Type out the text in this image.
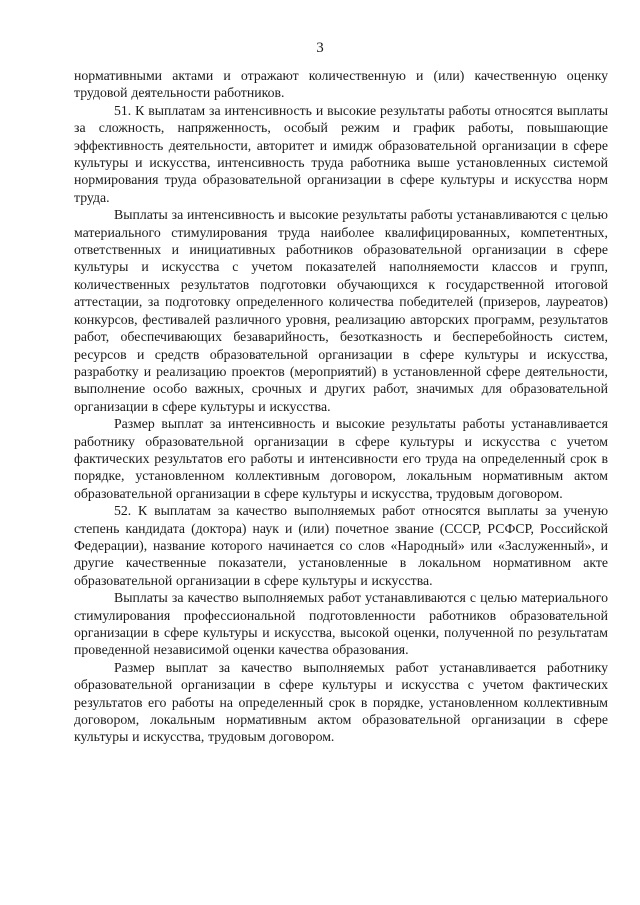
3

нормативными актами и отражают количественную и (или) качественную оценку трудовой деятельности работников.

51. К выплатам за интенсивность и высокие результаты работы относятся выплаты за сложность, напряженность, особый режим и график работы, повышающие эффективность деятельности, авторитет и имидж образовательной организации в сфере культуры и искусства, интенсивность труда работника выше установленных системой нормирования труда образовательной организации в сфере культуры и искусства норм труда.

Выплаты за интенсивность и высокие результаты работы устанавливаются с целью материального стимулирования труда наиболее квалифицированных, компетентных, ответственных и инициативных работников образовательной организации в сфере культуры и искусства с учетом показателей наполняемости классов и групп, количественных результатов подготовки обучающихся к государственной итоговой аттестации, за подготовку определенного количества победителей (призеров, лауреатов) конкурсов, фестивалей различного уровня, реализацию авторских программ, результатов работ, обеспечивающих безаварийность, безотказность и бесперебойность систем, ресурсов и средств образовательной организации в сфере культуры и искусства, разработку и реализацию проектов (мероприятий) в установленной сфере деятельности, выполнение особо важных, срочных и других работ, значимых для образовательной организации в сфере культуры и искусства.

Размер выплат за интенсивность и высокие результаты работы устанавливается работнику образовательной организации в сфере культуры и искусства с учетом фактических результатов его работы и интенсивности его труда на определенный срок в порядке, установленном коллективным договором, локальным нормативным актом образовательной организации в сфере культуры и искусства, трудовым договором.

52. К выплатам за качество выполняемых работ относятся выплаты за ученую степень кандидата (доктора) наук и (или) почетное звание (СССР, РСФСР, Российской Федерации), название которого начинается со слов «Народный» или «Заслуженный», и другие качественные показатели, установленные в локальном нормативном акте образовательной организации в сфере культуры и искусства.

Выплаты за качество выполняемых работ устанавливаются с целью материального стимулирования профессиональной подготовленности работников образовательной организации в сфере культуры и искусства, высокой оценки, полученной по результатам проведенной независимой оценки качества образования.

Размер выплат за качество выполняемых работ устанавливается работнику образовательной организации в сфере культуры и искусства с учетом фактических результатов его работы на определенный срок в порядке, установленном коллективным договором, локальным нормативным актом образовательной организации в сфере культуры и искусства, трудовым договором.
